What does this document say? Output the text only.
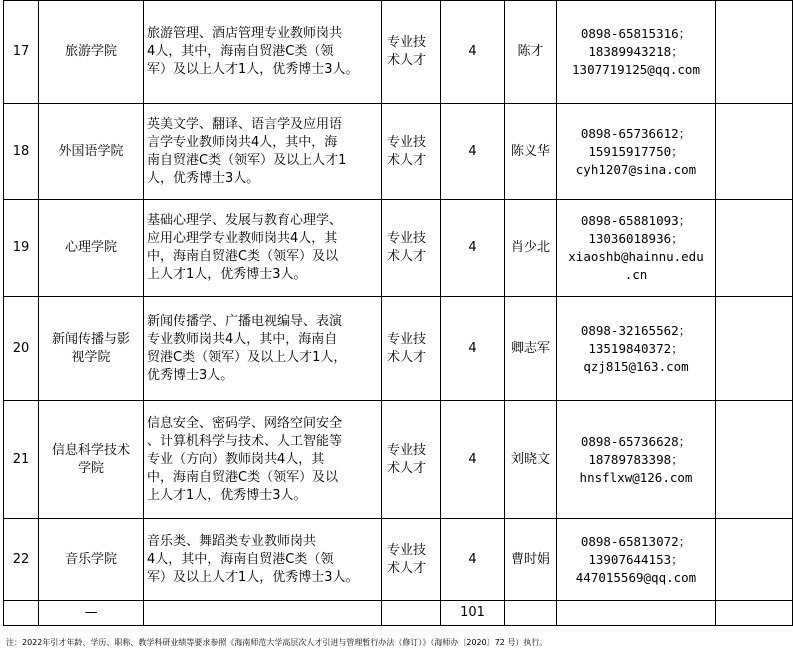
17	旅游学院	旅游管理、酒店管理专业教师岗共
4人，其中，海南自贸港C类（领
军）及以上人才1人，优秀博士3人。	专业技
术人才	4	陈才	0898-65815316；
18389943218；
1307719125@qq.com	

18	外国语学院	英美文学、翻译、语言学及应用语
言学专业教师岗共4人，其中，海
南自贸港C类（领军）及以上人才1
人，优秀博士3人。	专业技
术人才	4	陈义华	0898-65736612；
15915917750；
cyh1207@sina.com	

19	心理学院	基础心理学、发展与教育心理学、
应用心理学专业教师岗共4人，其
中，海南自贸港C类（领军）及以
上人才1人，优秀博士3人。	专业技
术人才	4	肖少北	0898-65881093；
13036018936；
xiaoshb@hainnu.edu
.cn	

20	新闻传播与影
视学院	新闻传播学、广播电视编导、表演
专业教师岗共4人，其中，海南自
贸港C类（领军）及以上人才1人，
优秀博士3人。	专业技
术人才	4	卿志军	0898-32165562；
13519840372；
qzj815@163.com	

21	信息科学技术
学院	信息安全、密码学、网络空间安全
、计算机科学与技术、人工智能等
专业（方向）教师岗共4人，其
中，海南自贸港C类（领军）及以
上人才1人，优秀博士3人。	专业技
术人才	4	刘晓文	0898-65736628；
18789783398；
hnsflxw@126.com	

22	音乐学院	音乐类、舞蹈类专业教师岗共
4人，其中，海南自贸港C类（领
军）及以上人才1人，优秀博士3人。	专业技
术人才	4	曹时娟	0898-65813072；
13907644153；
447015569@qq.com	

	—			101			
注：2022年引才年龄、学历、职称、教学科研业绩等要求参照《海南师范大学高层次人才引进与管理暂行办法（修订）》（海师办〔2020〕72 号）执行。
